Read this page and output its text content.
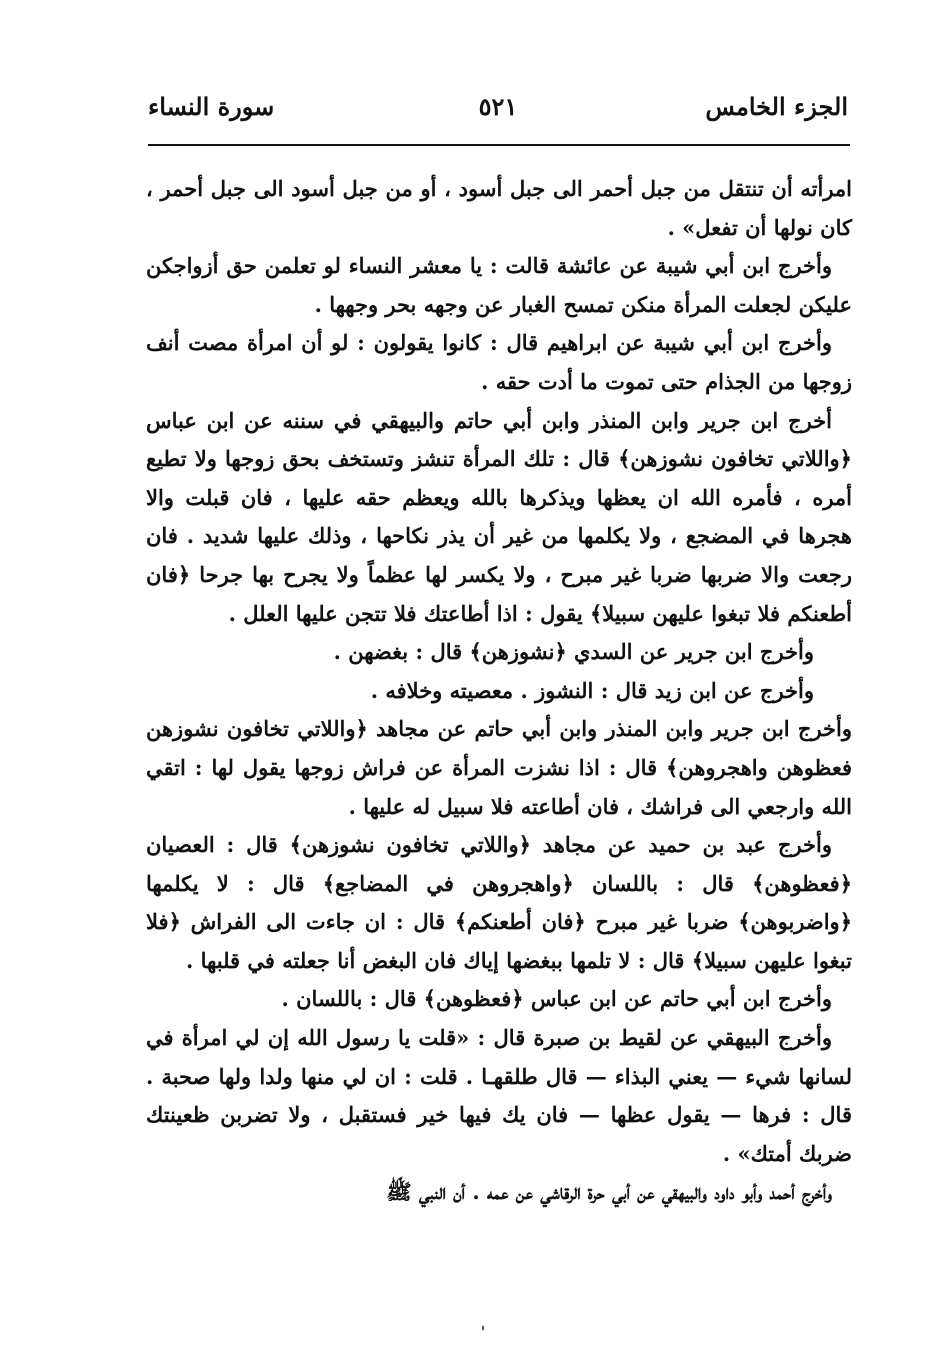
الجزء الخامس
٥٢١
سورة النساء

امرأته أن تنتقل من جبل أحمر الى جبل أسود ، أو من جبل أسود الى جبل أحمر ، كان نولها أن تفعل» .

وأخرج ابن أبي شيبة عن عائشة قالت : يا معشر النساء لو تعلمن حق أزواجكن عليكن لجعلت المرأة منكن تمسح الغبار عن وجهه بحر وجهها .

وأخرج ابن أبي شيبة عن ابراهيم قال : كانوا يقولون : لو أن امرأة مصت أنف زوجها من الجذام حتى تموت ما أدت حقه .

أخرج ابن جرير وابن المنذر وابن أبي حاتم والبيهقي في سننه عن ابن عباس ﴿واللاتي تخافون نشوزهن﴾ قال : تلك المرأة تنشز وتستخف بحق زوجها ولا تطيع أمره ، فأمره الله ان يعظها ويذكرها بالله ويعظم حقه عليها ، فان قبلت والا هجرها في المضجع ، ولا يكلمها من غير أن يذر نكاحها ، وذلك عليها شديد . فان رجعت والا ضربها ضربا غير مبرح ، ولا يكسر لها عظماً ولا يجرح بها جرحا ﴿فان أطعنكم فلا تبغوا عليهن سبيلا﴾ يقول : اذا أطاعتك فلا تتجن عليها العلل .

وأخرج ابن جرير عن السدي ﴿نشوزهن﴾ قال : بغضهن .

وأخرج عن ابن زيد قال : النشوز . معصيته وخلافه .

وأخرج ابن جرير وابن المنذر وابن أبي حاتم عن مجاهد ﴿واللاتي تخافون نشوزهن فعظوهن واهجروهن﴾ قال : اذا نشزت المرأة عن فراش زوجها يقول لها : اتقي الله وارجعي الى فراشك ، فان أطاعته فلا سبيل له عليها .

وأخرج عبد بن حميد عن مجاهد ﴿واللاتي تخافون نشوزهن﴾ قال : العصيان ﴿فعظوهن﴾ قال : باللسان ﴿واهجروهن في المضاجع﴾ قال : لا يكلمها ﴿واضربوهن﴾ ضربا غير مبرح ﴿فان أطعنكم﴾ قال : ان جاءت الى الفراش ﴿فلا تبغوا عليهن سبيلا﴾ قال : لا تلمها ببغضها إياك فان البغض أنا جعلته في قلبها .

وأخرج ابن أبي حاتم عن ابن عباس ﴿فعظوهن﴾ قال : باللسان .

وأخرج البيهقي عن لقيط بن صبرة قال : «قلت يا رسول الله إن لي امرأة في لسانها شيء — يعني البذاء — قال طلقهـا . قلت : ان لي منها ولدا ولها صحبة . قال : فرها — يقول عظها — فان يك فيها خير فستقبل ، ولا تضربن ظعينتك ضربك أمتك» .

وأخرج أحمد وأبو داود والبيهقي عن أبي حرة الرقاشي عن عمه . أن النبي ﷺ
